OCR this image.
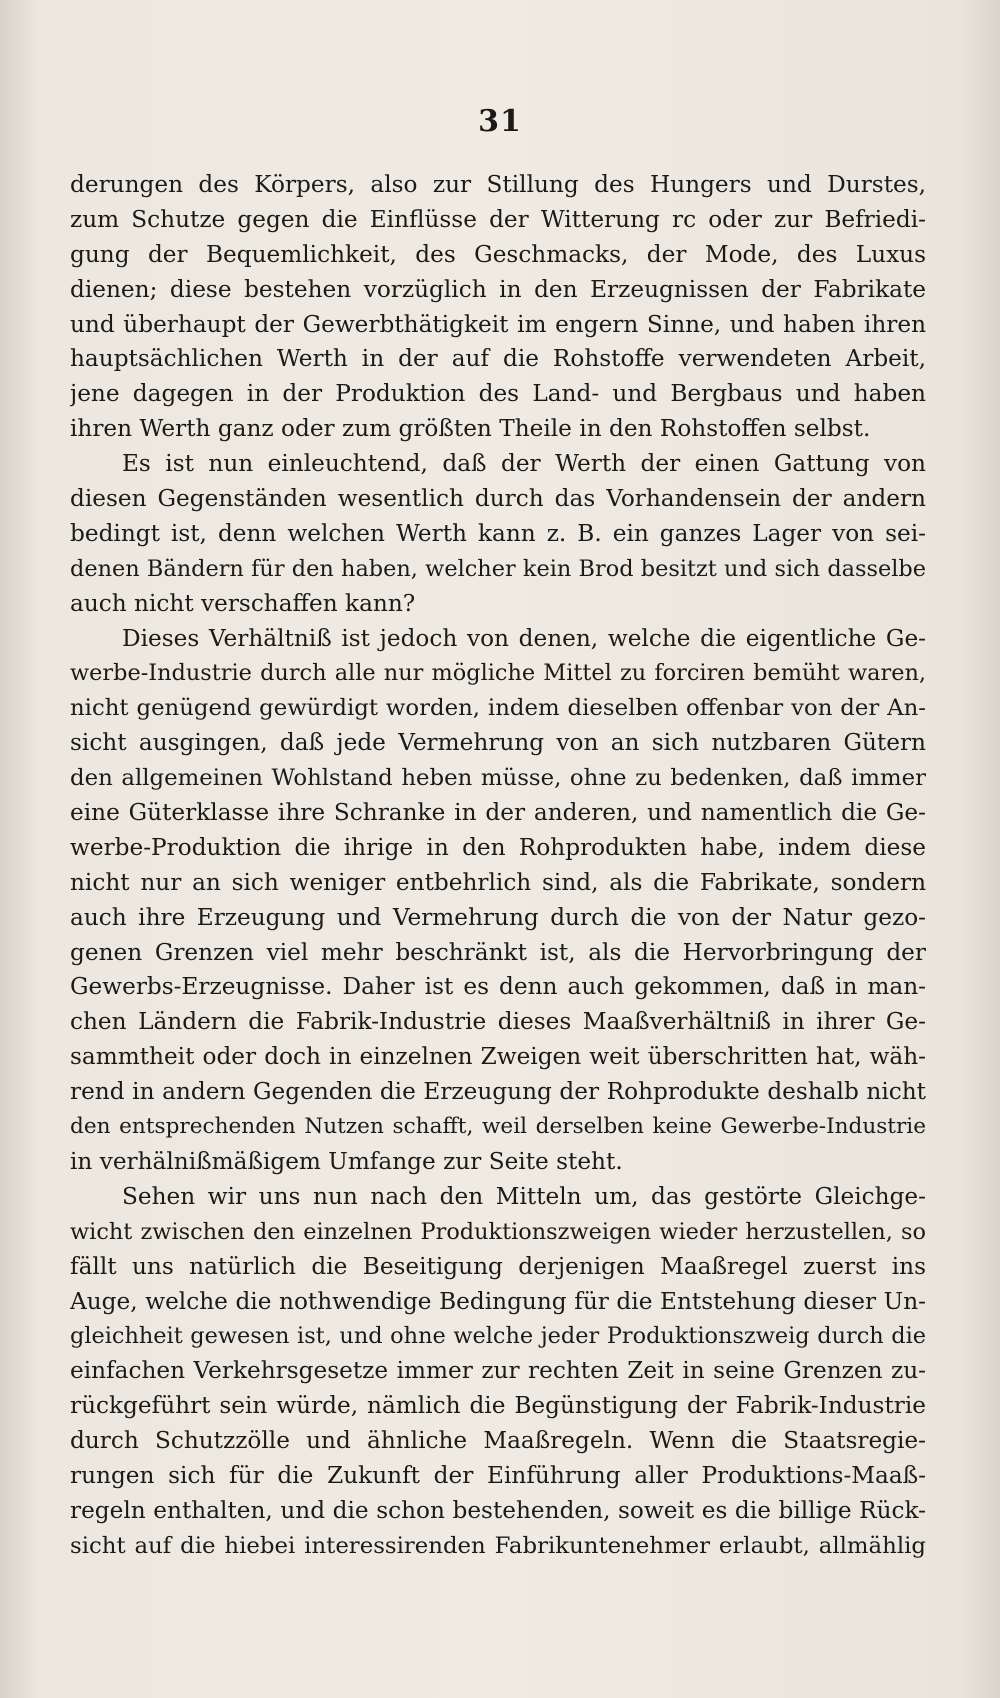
31
derungen des Körpers, also zur Stillung des Hungers und Durstes,
zum Schutze gegen die Einflüsse der Witterung rc oder zur Befriedi-
gung der Bequemlichkeit, des Geschmacks, der Mode, des Luxus
dienen; diese bestehen vorzüglich in den Erzeugnissen der Fabrikate
und überhaupt der Gewerbthätigkeit im engern Sinne, und haben ihren
hauptsächlichen Werth in der auf die Rohstoffe verwendeten Arbeit,
jene dagegen in der Produktion des Land- und Bergbaus und haben
ihren Werth ganz oder zum größten Theile in den Rohstoffen selbst.
Es ist nun einleuchtend, daß der Werth der einen Gattung von
diesen Gegenständen wesentlich durch das Vorhandensein der andern
bedingt ist, denn welchen Werth kann z. B. ein ganzes Lager von sei-
denen Bändern für den haben, welcher kein Brod besitzt und sich dasselbe
auch nicht verschaffen kann?
Dieses Verhältniß ist jedoch von denen, welche die eigentliche Ge-
werbe-Industrie durch alle nur mögliche Mittel zu forciren bemüht waren,
nicht genügend gewürdigt worden, indem dieselben offenbar von der An-
sicht ausgingen, daß jede Vermehrung von an sich nutzbaren Gütern
den allgemeinen Wohlstand heben müsse, ohne zu bedenken, daß immer
eine Güterklasse ihre Schranke in der anderen, und namentlich die Ge-
werbe-Produktion die ihrige in den Rohprodukten habe, indem diese
nicht nur an sich weniger entbehrlich sind, als die Fabrikate, sondern
auch ihre Erzeugung und Vermehrung durch die von der Natur gezo-
genen Grenzen viel mehr beschränkt ist, als die Hervorbringung der
Gewerbs-Erzeugnisse. Daher ist es denn auch gekommen, daß in man-
chen Ländern die Fabrik-Industrie dieses Maaßverhältniß in ihrer Ge-
sammtheit oder doch in einzelnen Zweigen weit überschritten hat, wäh-
rend in andern Gegenden die Erzeugung der Rohprodukte deshalb nicht
den entsprechenden Nutzen schafft, weil derselben keine Gewerbe-Industrie
in verhälnißmäßigem Umfange zur Seite steht.
Sehen wir uns nun nach den Mitteln um, das gestörte Gleichge-
wicht zwischen den einzelnen Produktionszweigen wieder herzustellen, so
fällt uns natürlich die Beseitigung derjenigen Maaßregel zuerst ins
Auge, welche die nothwendige Bedingung für die Entstehung dieser Un-
gleichheit gewesen ist, und ohne welche jeder Produktionszweig durch die
einfachen Verkehrsgesetze immer zur rechten Zeit in seine Grenzen zu-
rückgeführt sein würde, nämlich die Begünstigung der Fabrik-Industrie
durch Schutzzölle und ähnliche Maaßregeln. Wenn die Staatsregie-
rungen sich für die Zukunft der Einführung aller Produktions-Maaß-
regeln enthalten, und die schon bestehenden, soweit es die billige Rück-
sicht auf die hiebei interessirenden Fabrikuntenehmer erlaubt, allmählig
